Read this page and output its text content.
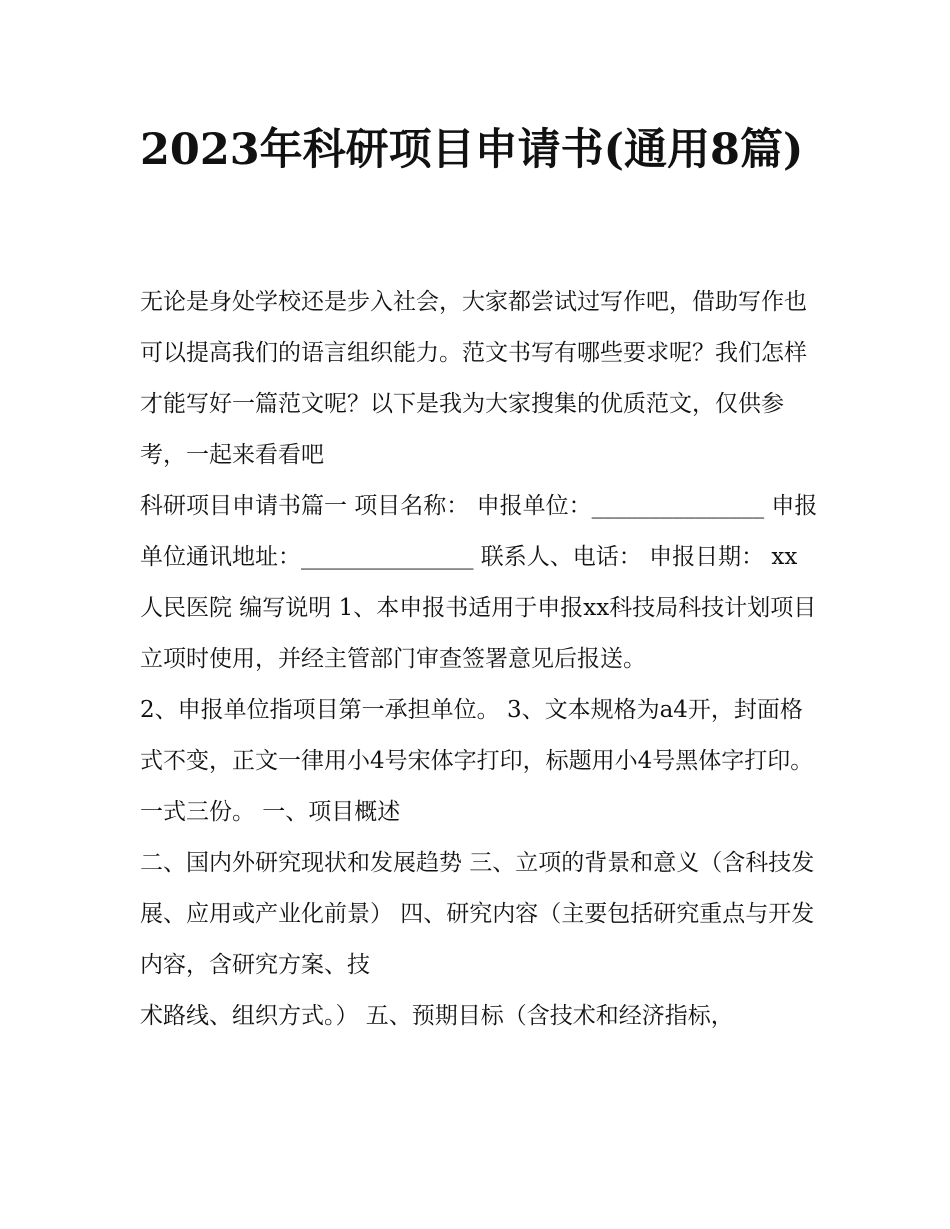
2023年科研项目申请书(通用8篇)

无论是身处学校还是步入社会，大家都尝试过写作吧，借助写作也可以提高我们的语言组织能力。范文书写有哪些要求呢？我们怎样才能写好一篇范文呢？以下是我为大家搜集的优质范文，仅供参考，一起来看看吧

科研项目申请书篇一 项目名称： 申报单位：_______________ 申报单位通讯地址：_______________ 联系人、电话： 申报日期： xx人民医院 编写说明 1、本申报书适用于申报xx科技局科技计划项目立项时使用，并经主管部门审查签署意见后报送。

2、申报单位指项目第一承担单位。 3、文本规格为a4开，封面格式不变，正文一律用小4号宋体字打印，标题用小4号黑体字打印。一式三份。 一、项目概述

二、国内外研究现状和发展趋势 三、立项的背景和意义（含科技发展、应用或产业化前景） 四、研究内容（主要包括研究重点与开发内容，含研究方案、技

术路线、组织方式。） 五、预期目标（含技术和经济指标，
